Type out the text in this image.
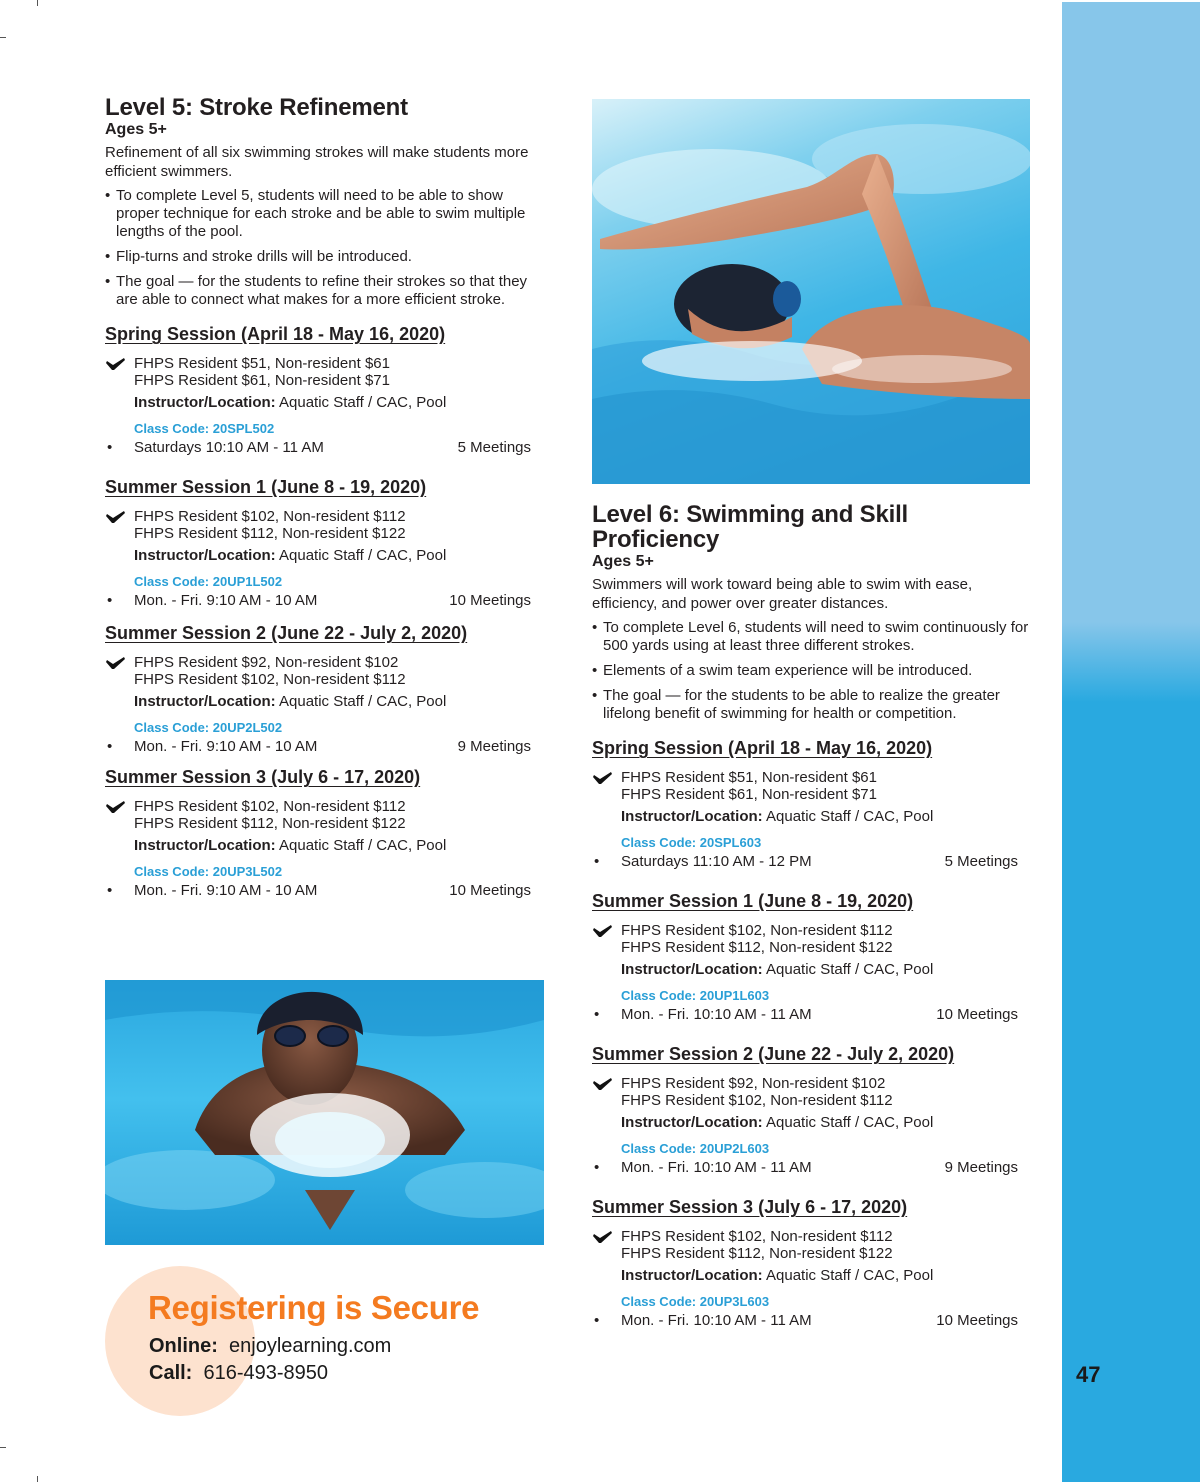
47
Level 5: Stroke Refinement
Ages 5+

Refinement of all six swimming strokes will make students more efficient swimmers.

• To complete Level 5, students will need to be able to show proper technique for each stroke and be able to swim multiple lengths of the pool.
• Flip-turns and stroke drills will be introduced.
• The goal — for the students to refine their strokes so that they are able to connect what makes for a more efficient stroke.
Spring Session (April 18 - May 16, 2020)
FHPS Resident $51, Non-resident $61
FHPS Resident $61, Non-resident $71
Instructor/Location: Aquatic Staff / CAC, Pool
Class Code: 20SPL502
• Saturdays 10:10 AM - 11 AM	5 Meetings
Summer Session 1 (June 8 - 19, 2020)
FHPS Resident $102, Non-resident $112
FHPS Resident $112, Non-resident $122
Instructor/Location: Aquatic Staff / CAC, Pool
Class Code: 20UP1L502
• Mon. - Fri. 9:10 AM - 10 AM	10 Meetings
Summer Session 2 (June 22 - July 2, 2020)
FHPS Resident $92, Non-resident $102
FHPS Resident $102, Non-resident $112
Instructor/Location: Aquatic Staff / CAC, Pool
Class Code: 20UP2L502
• Mon. - Fri. 9:10 AM - 10 AM	9 Meetings
Summer Session 3 (July 6 - 17, 2020)
FHPS Resident $102, Non-resident $112
FHPS Resident $112, Non-resident $122
Instructor/Location: Aquatic Staff / CAC, Pool
Class Code: 20UP3L502
• Mon. - Fri. 9:10 AM - 10 AM	10 Meetings
Level 6: Swimming and Skill
Proficiency
Ages 5+

Swimmers will work toward being able to swim with ease, efficiency, and power over greater distances.

• To complete Level 6, students will need to swim continuously for 500 yards using at least three different strokes.
• Elements of a swim team experience will be introduced.
• The goal — for the students to be able to realize the greater lifelong benefit of swimming for health or competition.
Spring Session (April 18 - May 16, 2020)
FHPS Resident $51, Non-resident $61
FHPS Resident $61, Non-resident $71
Instructor/Location: Aquatic Staff / CAC, Pool
Class Code: 20SPL603
• Saturdays 11:10 AM - 12 PM	5 Meetings
Summer Session 1 (June 8 - 19, 2020)
FHPS Resident $102, Non-resident $112
FHPS Resident $112, Non-resident $122
Instructor/Location: Aquatic Staff / CAC, Pool
Class Code: 20UP1L603
• Mon. - Fri. 10:10 AM - 11 AM	10 Meetings
Summer Session 2 (June 22 - July 2, 2020)
FHPS Resident $92, Non-resident $102
FHPS Resident $102, Non-resident $112
Instructor/Location: Aquatic Staff / CAC, Pool
Class Code: 20UP2L603
• Mon. - Fri. 10:10 AM - 11 AM	9 Meetings
Summer Session 3 (July 6 - 17, 2020)
FHPS Resident $102, Non-resident $112
FHPS Resident $112, Non-resident $122
Instructor/Location: Aquatic Staff / CAC, Pool
Class Code: 20UP3L603
• Mon. - Fri. 10:10 AM - 11 AM	10 Meetings
Registering is Secure
Online: enjoylearning.com
Call: 616-493-8950
